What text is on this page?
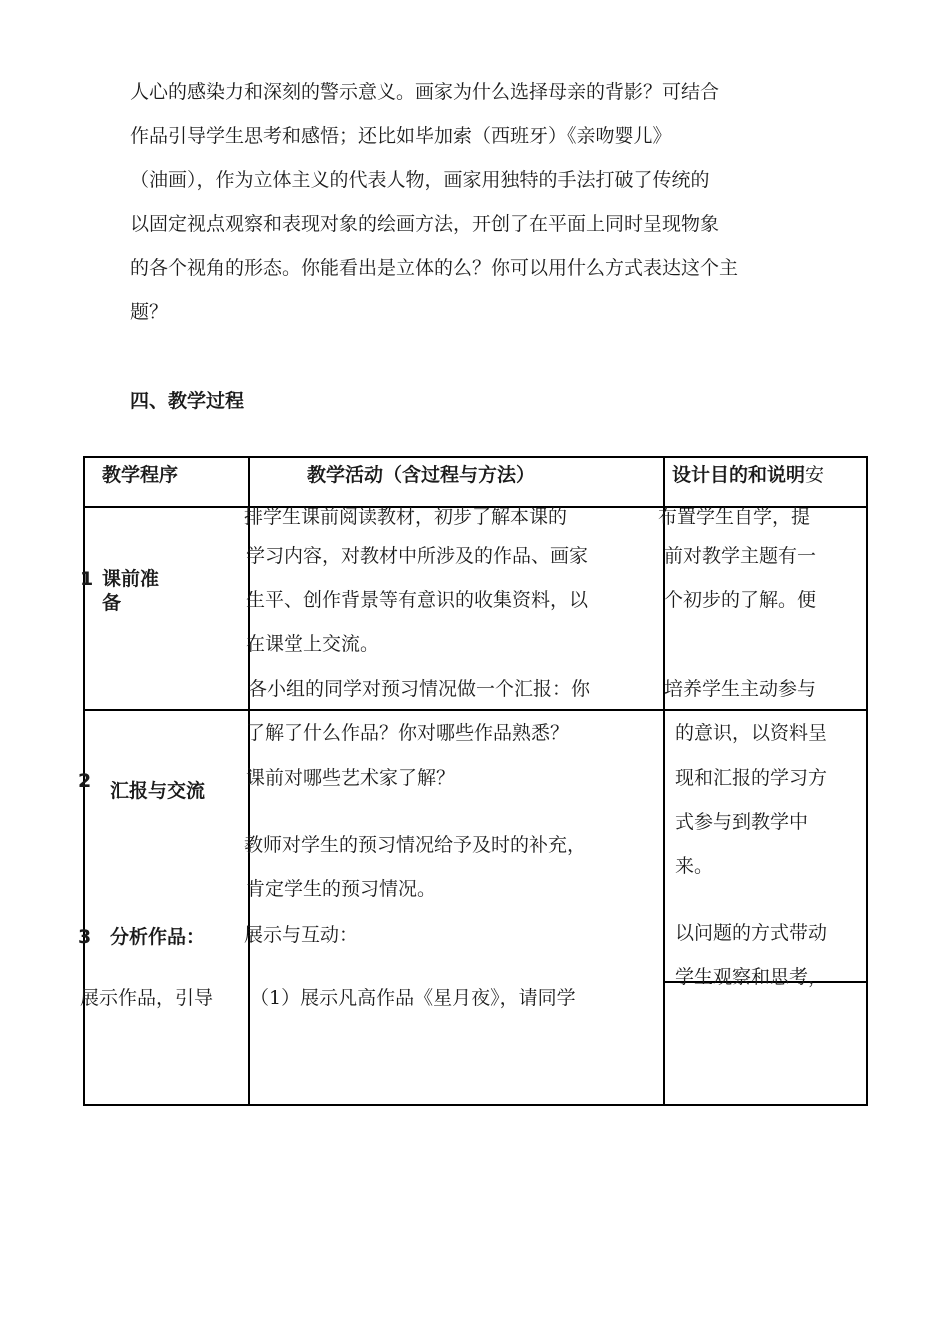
人心的感染力和深刻的警示意义。画家为什么选择母亲的背影？可结合
作品引导学生思考和感悟；还比如毕加索（西班牙）《亲吻婴儿》
（油画），作为立体主义的代表人物，画家用独特的手法打破了传统的
以固定视点观察和表现对象的绘画方法，开创了在平面上同时呈现物象
的各个视角的形态。你能看出是立体的么？你可以用什么方式表达这个主
题？
四、教学过程
教学程序	教学活动（含过程与方法）	设计目的和说明安
1 课前准
备
排学生课前阅读教材，初步了解本课的
学习内容，对教材中所涉及的作品、画家
生平、创作背景等有意识的收集资料，以
在课堂上交流。
布置学生自学，提
前对教学主题有一
个初步的了解。便
2 汇报与交流
各小组的同学对预习情况做一个汇报：你
了解了什么作品？你对哪些作品熟悉？
课前对哪些艺术家了解？
教师对学生的预习情况给予及时的补充，
肯定学生的预习情况。
培养学生主动参与
的意识，以资料呈
现和汇报的学习方
式参与到教学中
来。
3 分析作品： 展示与互动：
（1）展示凡高作品《星月夜》，请同学
以问题的方式带动
学生观察和思考，
展示作品，引导
